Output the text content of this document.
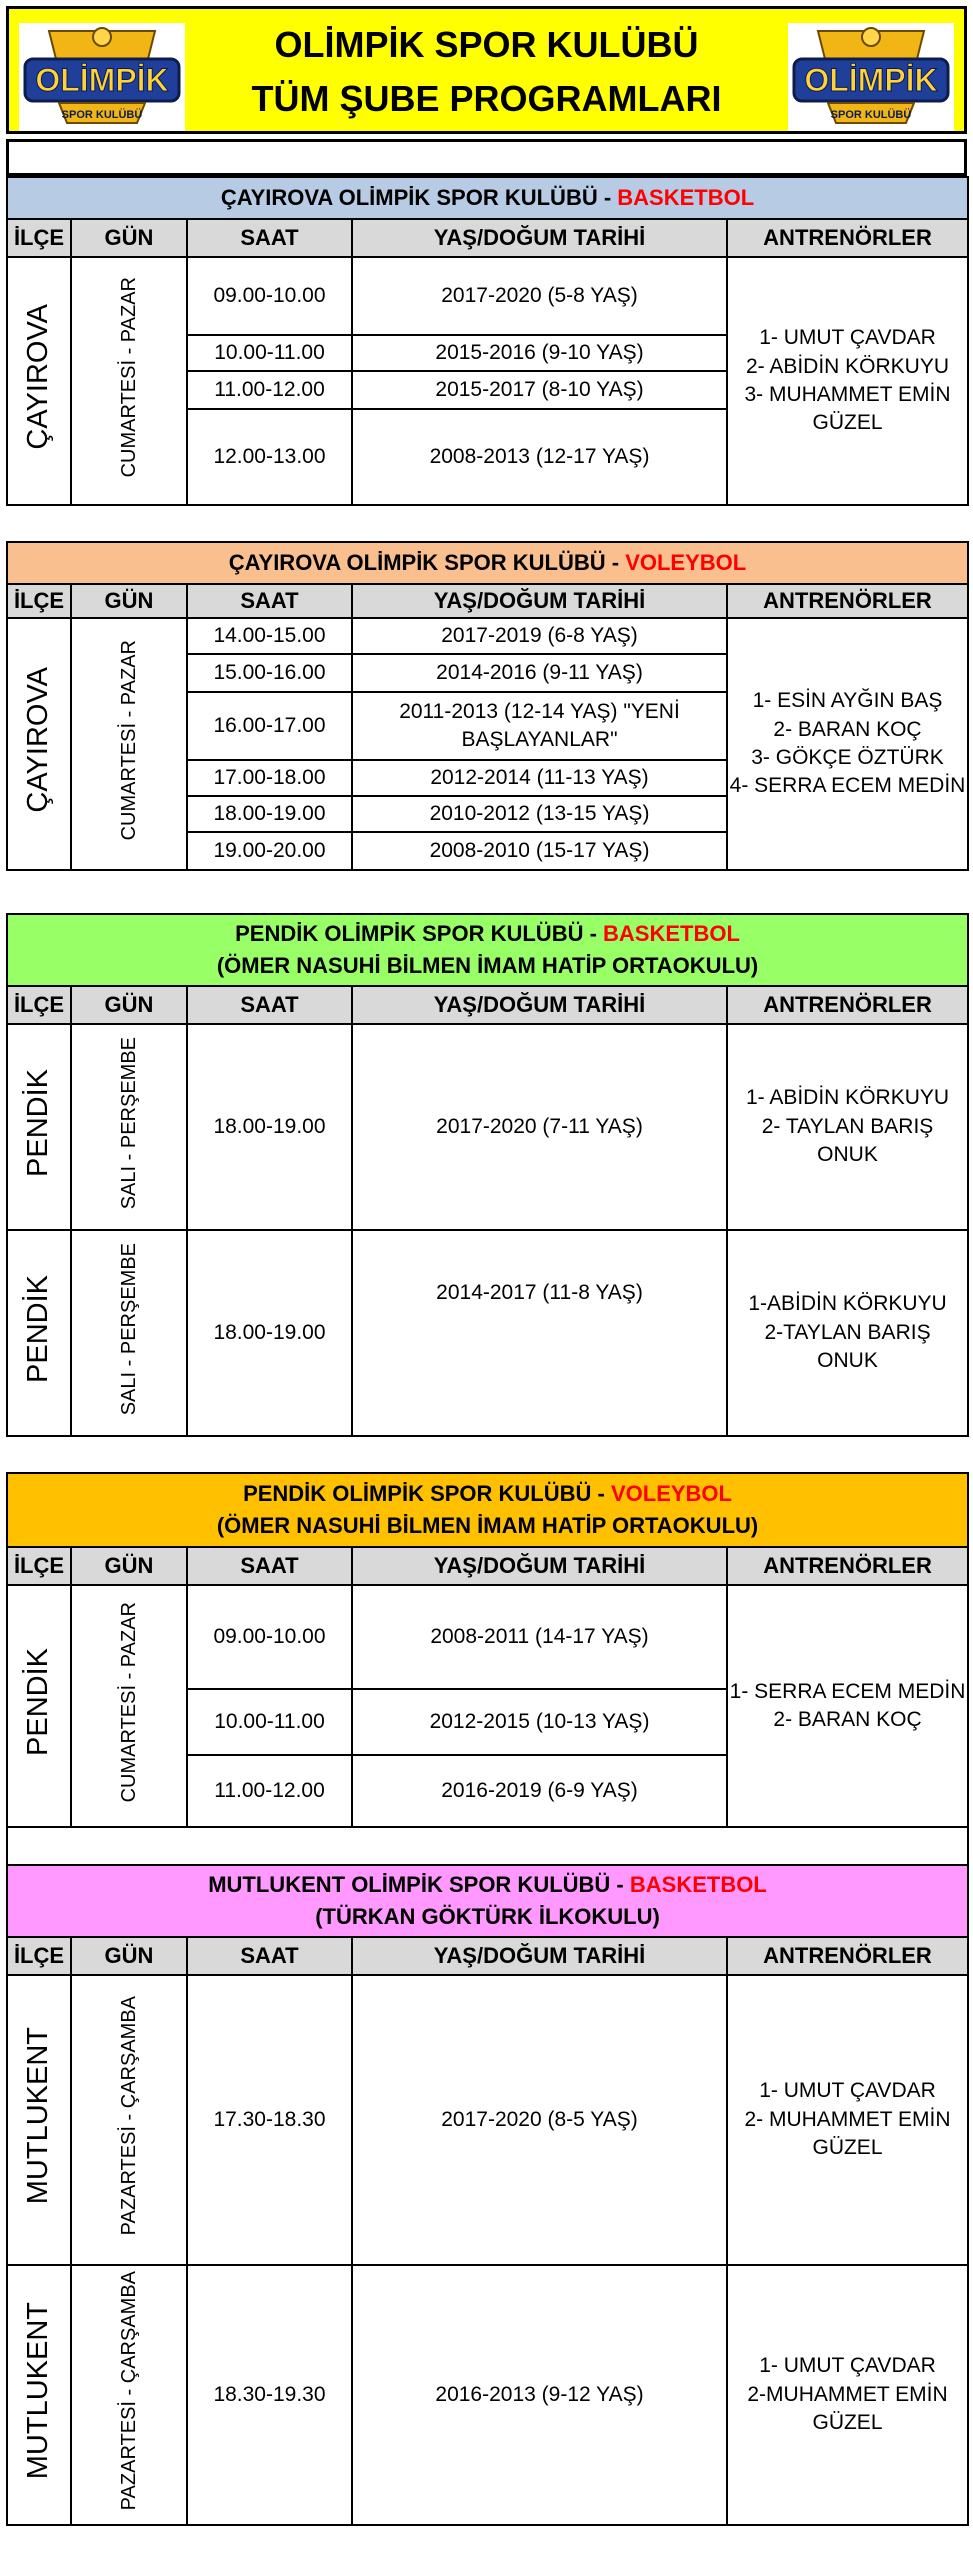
OLİMPİK
SPOR KULÜBÜ
OLİMPİK SPOR KULÜBÜ
TÜM ŞUBE PROGRAMLARI	OLİMPİK
SPOR KULÜBÜ
ÇAYIROVA OLİMPİK SPOR KULÜBÜ - BASKETBOL				
İLÇE	GÜN	SAAT	YAŞ/DOĞUM TARİHİ	ANTRENÖRLER
ÇAYIROVA	CUMARTESİ - PAZAR	09.00-10.00	2017-2020 (5-8 YAŞ)	1- UMUT ÇAVDAR
2- ABİDİN KÖRKUYU
3- MUHAMMET EMİN
GÜZEL
		10.00-11.00	2015-2016 (9-10 YAŞ)	
		11.00-12.00	2015-2017 (8-10 YAŞ)	
		12.00-13.00	2008-2013 (12-17 YAŞ)	
ÇAYIROVA OLİMPİK SPOR KULÜBÜ - VOLEYBOL				
İLÇE	GÜN	SAAT	YAŞ/DOĞUM TARİHİ	ANTRENÖRLER
ÇAYIROVA	CUMARTESİ - PAZAR	14.00-15.00	2017-2019 (6-8 YAŞ)	1- ESİN AYĞIN BAŞ
2- BARAN KOÇ
3- GÖKÇE ÖZTÜRK
4- SERRA ECEM MEDİN
		15.00-16.00	2014-2016 (9-11 YAŞ)	
		16.00-17.00	2011-2013 (12-14 YAŞ) "YENİ BAŞLAYANLAR"	
		17.00-18.00	2012-2014 (11-13 YAŞ)	
		18.00-19.00	2010-2012 (13-15 YAŞ)	
		19.00-20.00	2008-2010 (15-17 YAŞ)	
PENDİK OLİMPİK SPOR KULÜBÜ - BASKETBOL
(ÖMER NASUHİ BİLMEN İMAM HATİP ORTAOKULU)				
İLÇE	GÜN	SAAT	YAŞ/DOĞUM TARİHİ	ANTRENÖRLER
PENDİK	SALI - PERŞEMBE	18.00-19.00	2017-2020 (7-11 YAŞ)	1- ABİDİN KÖRKUYU
2- TAYLAN BARIŞ
ONUK
PENDİK	SALI - PERŞEMBE	18.00-19.00	2014-2017 (11-8 YAŞ)	1-ABİDİN KÖRKUYU
2-TAYLAN BARIŞ
ONUK
PENDİK OLİMPİK SPOR KULÜBÜ - VOLEYBOL
(ÖMER NASUHİ BİLMEN İMAM HATİP ORTAOKULU)				
İLÇE	GÜN	SAAT	YAŞ/DOĞUM TARİHİ	ANTRENÖRLER
PENDİK	CUMARTESİ - PAZAR	09.00-10.00	2008-2011 (14-17 YAŞ)	1- SERRA ECEM MEDİN
2- BARAN KOÇ
		10.00-11.00	2012-2015 (10-13 YAŞ)	
		11.00-12.00	2016-2019 (6-9 YAŞ)	

MUTLUKENT OLİMPİK SPOR KULÜBÜ - BASKETBOL
(TÜRKAN GÖKTÜRK İLKOKULU)				
İLÇE	GÜN	SAAT	YAŞ/DOĞUM TARİHİ	ANTRENÖRLER
MUTLUKENT	PAZARTESİ - ÇARŞAMBA	17.30-18.30	2017-2020 (8-5 YAŞ)	1- UMUT ÇAVDAR
2- MUHAMMET EMİN
GÜZEL
MUTLUKENT	PAZARTESİ - ÇARŞAMBA	18.30-19.30	2016-2013 (9-12 YAŞ)	1- UMUT ÇAVDAR
2-MUHAMMET EMİN
GÜZEL
